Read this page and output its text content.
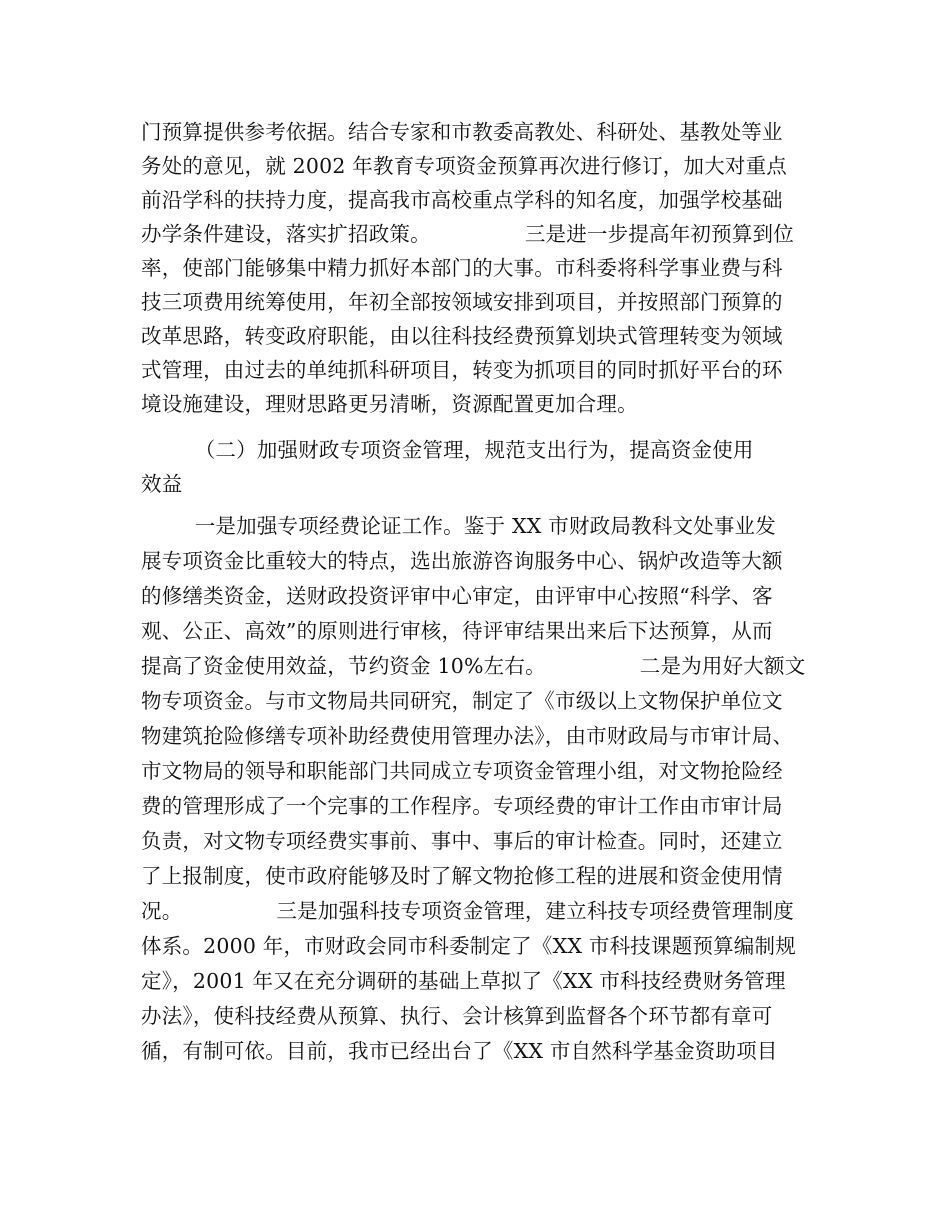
门预算提供参考依据。结合专家和市教委高教处、科研处、基教处等业
务处的意见，就 2002 年教育专项资金预算再次进行修订，加大对重点
前沿学科的扶持力度，提高我市高校重点学科的知名度，加强学校基础
办学条件建设，落实扩招政策。              三是进一步提高年初预算到位
率，使部门能够集中精力抓好本部门的大事。市科委将科学事业费与科
技三项费用统筹使用，年初全部按领域安排到项目，并按照部门预算的
改革思路，转变政府职能，由以往科技经费预算划块式管理转变为领域
式管理，由过去的单纯抓科研项目，转变为抓项目的同时抓好平台的环
境设施建设，理财思路更另清晰，资源配置更加合理。
（二）加强财政专项资金管理，规范支出行为，提高资金使用
效益
一是加强专项经费论证工作。鉴于 XX 市财政局教科文处事业发
展专项资金比重较大的特点，选出旅游咨询服务中心、锅炉改造等大额
的修缮类资金，送财政投资评审中心审定，由评审中心按照“科学、客
观、公正、高效”的原则进行审核，待评审结果出来后下达预算，从而
提高了资金使用效益，节约资金 10%左右。              二是为用好大额文
物专项资金。与市文物局共同研究，制定了《市级以上文物保护单位文
物建筑抢险修缮专项补助经费使用管理办法》，由市财政局与市审计局、
市文物局的领导和职能部门共同成立专项资金管理小组，对文物抢险经
费的管理形成了一个完事的工作程序。专项经费的审计工作由市审计局
负责，对文物专项经费实事前、事中、事后的审计检查。同时，还建立
了上报制度，使市政府能够及时了解文物抢修工程的进展和资金使用情
况。              三是加强科技专项资金管理，建立科技专项经费管理制度
体系。2000 年，市财政会同市科委制定了《XX 市科技课题预算编制规
定》，2001 年又在充分调研的基础上草拟了《XX 市科技经费财务管理
办法》，使科技经费从预算、执行、会计核算到监督各个环节都有章可
循，有制可依。目前，我市已经出台了《XX 市自然科学基金资助项目
